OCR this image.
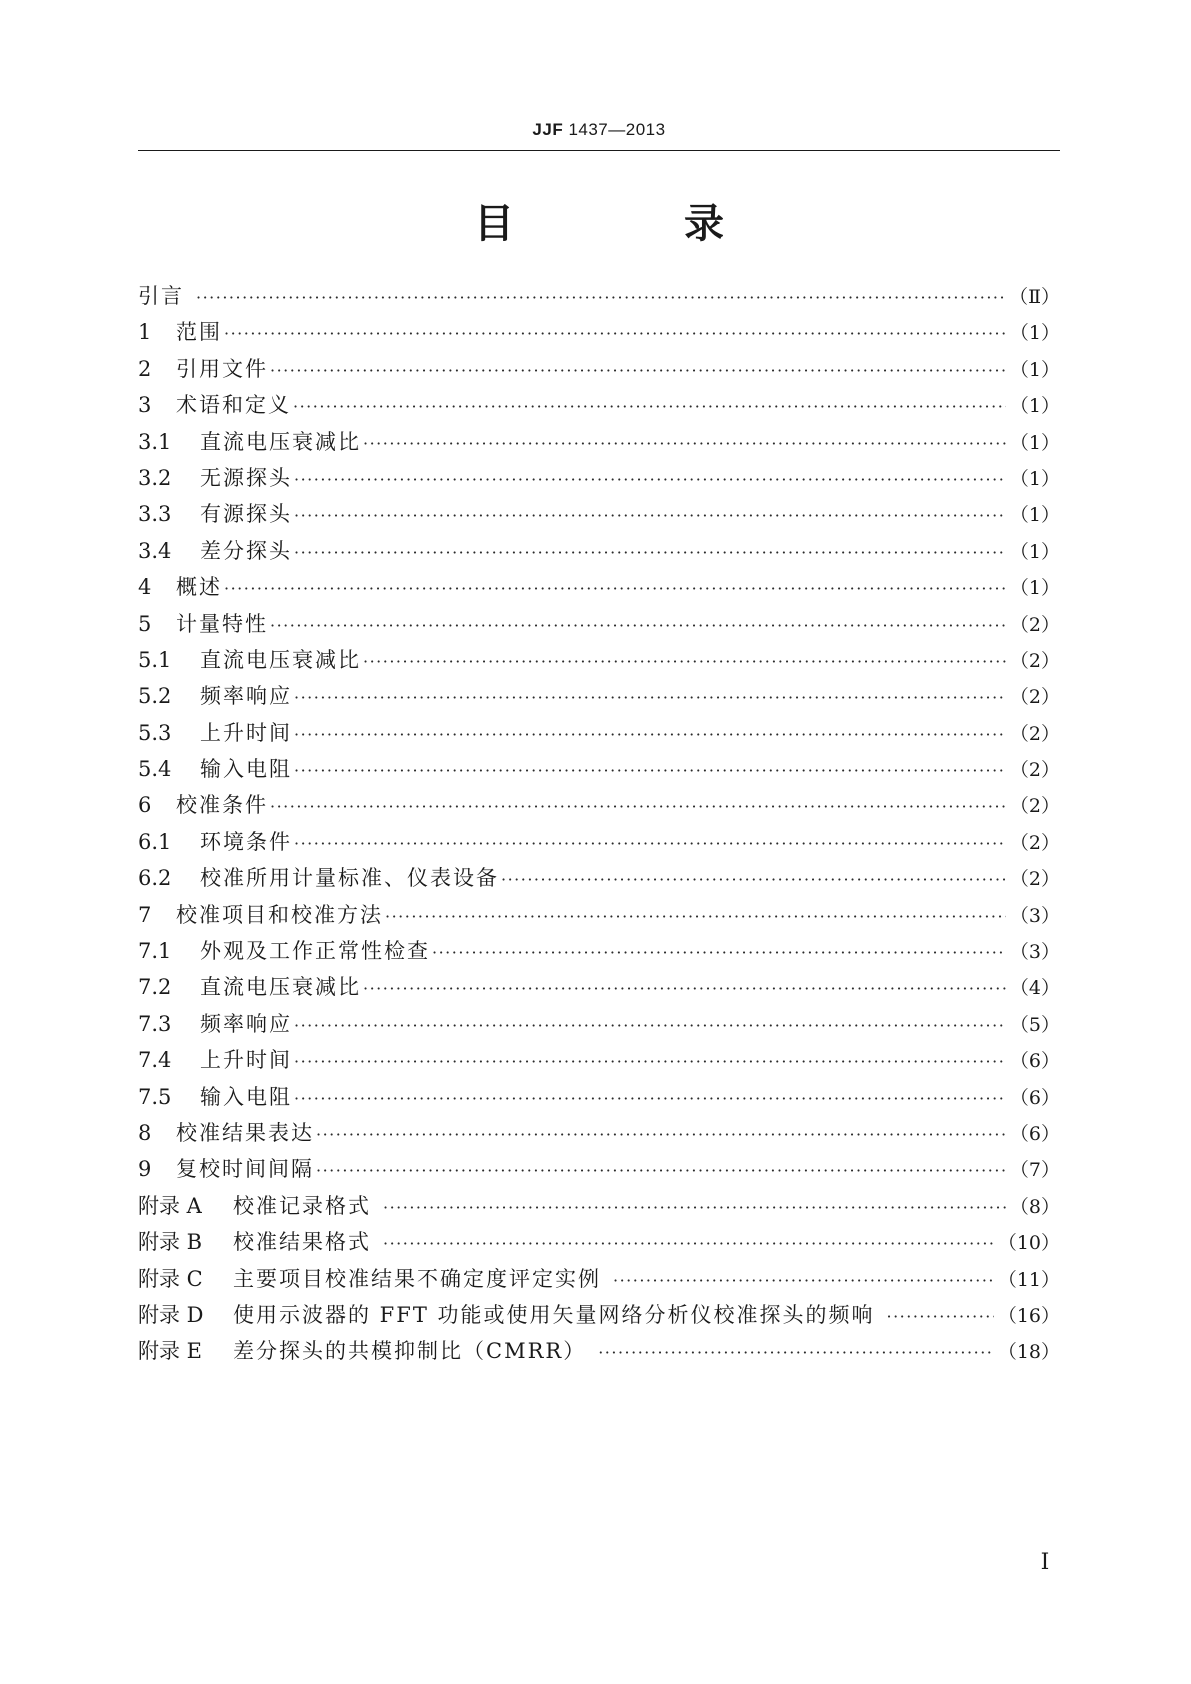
JJF 1437—2013
目 录
引言 ·····	（Ⅱ）
1	范围 ·····	（1）
2	引用文件 ·····	（1）
3	术语和定义 ·····	（1）
3.1	直流电压衰减比 ·····	（1）
3.2	无源探头 ·····	（1）
3.3	有源探头 ·····	（1）
3.4	差分探头 ·····	（1）
4	概述 ·····	（1）
5	计量特性 ·····	（2）
5.1	直流电压衰减比 ·····	（2）
5.2	频率响应 ·····	（2）
5.3	上升时间 ·····	（2）
5.4	输入电阻 ·····	（2）
6	校准条件 ·····	（2）
6.1	环境条件 ·····	（2）
6.2	校准所用计量标准、仪表设备 ·····	（2）
7	校准项目和校准方法 ·····	（3）
7.1	外观及工作正常性检查 ·····	（3）
7.2	直流电压衰减比 ·····	（4）
7.3	频率响应 ·····	（5）
7.4	上升时间 ·····	（6）
7.5	输入电阻 ·····	（6）
8	校准结果表达 ·····	（6）
9	复校时间间隔 ·····	（7）
附录 A	校准记录格式 ·····	（8）
附录 B	校准结果格式 ·····	（10）
附录 C	主要项目校准结果不确定度评定实例 ·····	（11）
附录 D	使用示波器的 FFT 功能或使用矢量网络分析仪校准探头的频响 ·····	（16）
附录 E	差分探头的共模抑制比（CMRR） ·····	（18）
I
